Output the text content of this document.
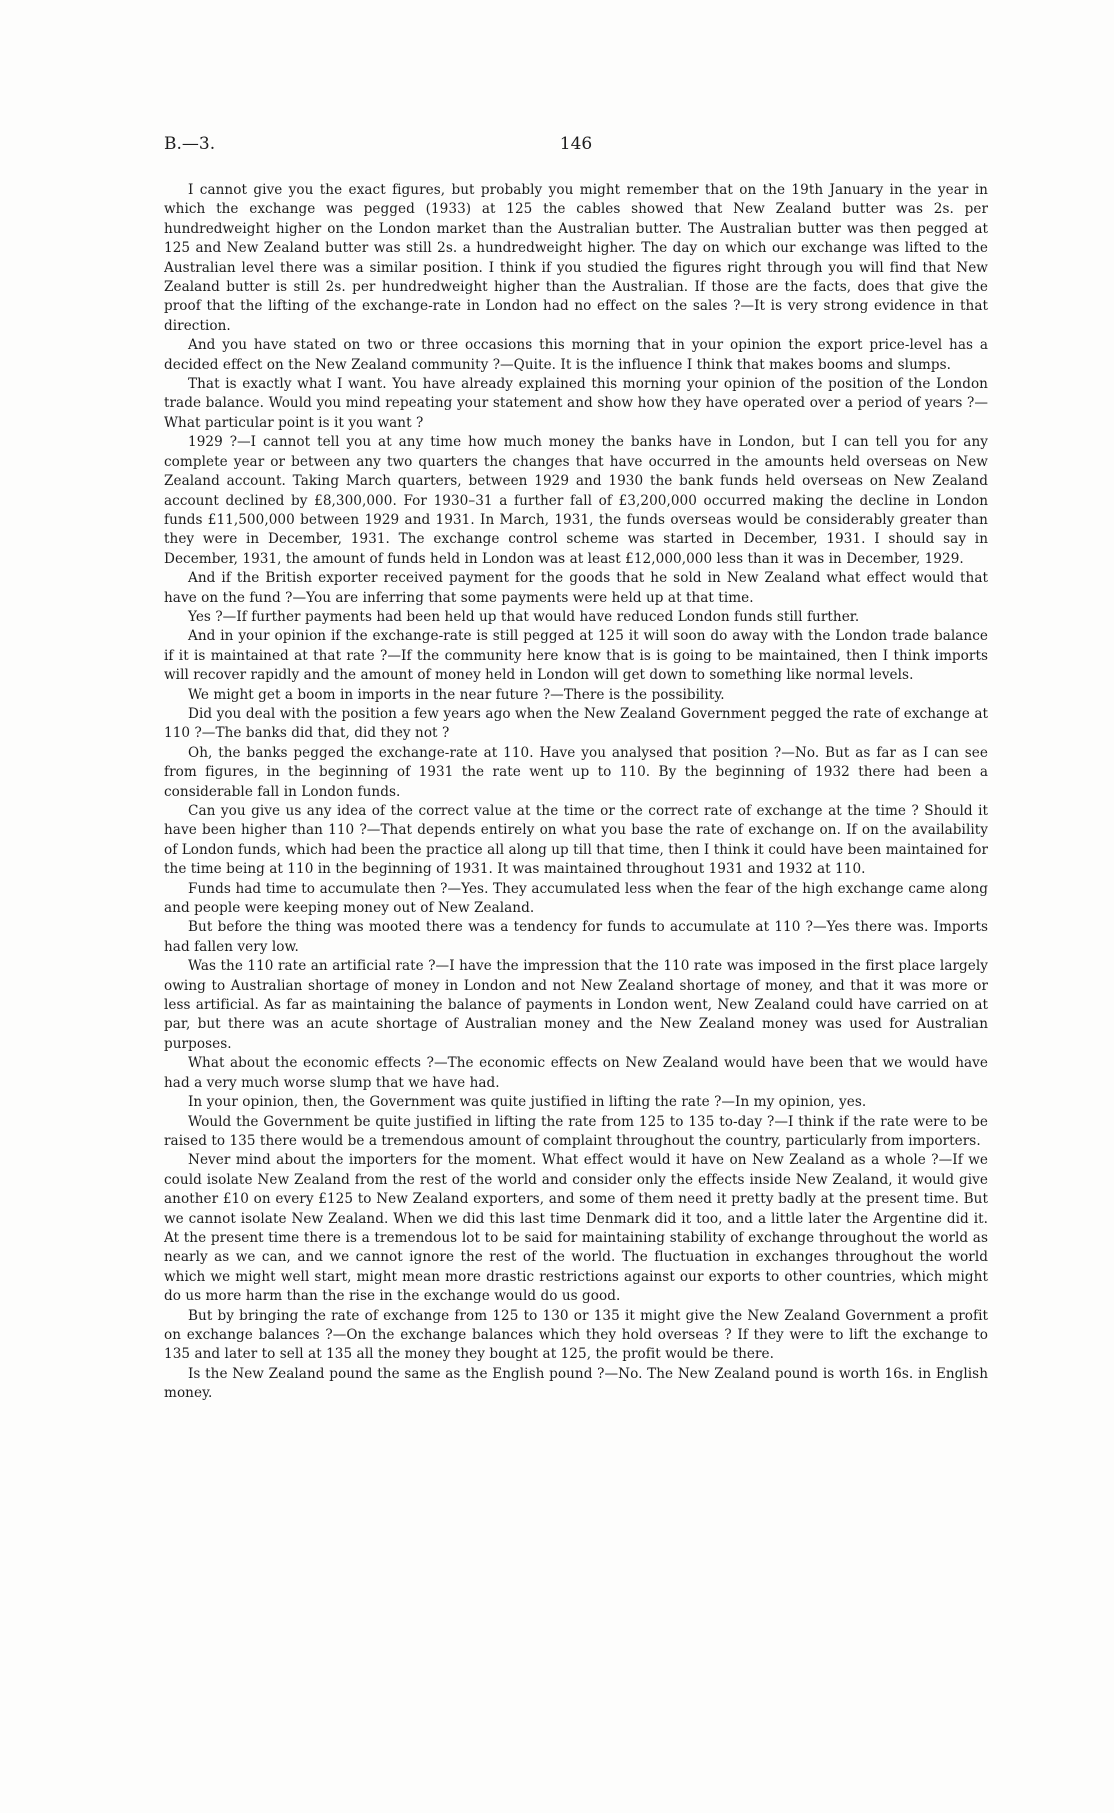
B.—3.	146

I cannot give you the exact figures, but probably you might remember that on the 19th January in the year in which the exchange was pegged (1933) at 125 the cables showed that New Zealand butter was 2s. per hundredweight higher on the London market than the Australian butter. The Australian butter was then pegged at 125 and New Zealand butter was still 2s. a hundredweight higher. The day on which our exchange was lifted to the Australian level there was a similar position. I think if you studied the figures right through you will find that New Zealand butter is still 2s. per hundredweight higher than the Australian. If those are the facts, does that give the proof that the lifting of the exchange-rate in London had no effect on the sales ?—It is very strong evidence in that direction.

And you have stated on two or three occasions this morning that in your opinion the export price-level has a decided effect on the New Zealand community ?—Quite. It is the influence I think that makes booms and slumps.

That is exactly what I want. You have already explained this morning your opinion of the position of the London trade balance. Would you mind repeating your statement and show how they have operated over a period of years ?—What particular point is it you want ?

1929 ?—I cannot tell you at any time how much money the banks have in London, but I can tell you for any complete year or between any two quarters the changes that have occurred in the amounts held overseas on New Zealand account. Taking March quarters, between 1929 and 1930 the bank funds held overseas on New Zealand account declined by £8,300,000. For 1930–31 a further fall of £3,200,000 occurred making the decline in London funds £11,500,000 between 1929 and 1931. In March, 1931, the funds overseas would be considerably greater than they were in December, 1931. The exchange control scheme was started in December, 1931. I should say in December, 1931, the amount of funds held in London was at least £12,000,000 less than it was in December, 1929.

And if the British exporter received payment for the goods that he sold in New Zealand what effect would that have on the fund ?—You are inferring that some payments were held up at that time.

Yes ?—If further payments had been held up that would have reduced London funds still further.

And in your opinion if the exchange-rate is still pegged at 125 it will soon do away with the London trade balance if it is maintained at that rate ?—If the community here know that is is going to be maintained, then I think imports will recover rapidly and the amount of money held in London will get down to something like normal levels.

We might get a boom in imports in the near future ?—There is the possibility.

Did you deal with the position a few years ago when the New Zealand Government pegged the rate of exchange at 110 ?—The banks did that, did they not ?

Oh, the banks pegged the exchange-rate at 110. Have you analysed that position ?—No. But as far as I can see from figures, in the beginning of 1931 the rate went up to 110. By the beginning of 1932 there had been a considerable fall in London funds.

Can you give us any idea of the correct value at the time or the correct rate of exchange at the time ? Should it have been higher than 110 ?—That depends entirely on what you base the rate of exchange on. If on the availability of London funds, which had been the practice all along up till that time, then I think it could have been maintained for the time being at 110 in the beginning of 1931. It was maintained throughout 1931 and 1932 at 110.

Funds had time to accumulate then ?—Yes. They accumulated less when the fear of the high exchange came along and people were keeping money out of New Zealand.

But before the thing was mooted there was a tendency for funds to accumulate at 110 ?—Yes there was. Imports had fallen very low.

Was the 110 rate an artificial rate ?—I have the impression that the 110 rate was imposed in the first place largely owing to Australian shortage of money in London and not New Zealand shortage of money, and that it was more or less artificial. As far as maintaining the balance of payments in London went, New Zealand could have carried on at par, but there was an acute shortage of Australian money and the New Zealand money was used for Australian purposes.

What about the economic effects ?—The economic effects on New Zealand would have been that we would have had a very much worse slump that we have had.

In your opinion, then, the Government was quite justified in lifting the rate ?—In my opinion, yes.

Would the Government be quite justified in lifting the rate from 125 to 135 to-day ?—I think if the rate were to be raised to 135 there would be a tremendous amount of complaint throughout the country, particularly from importers.

Never mind about the importers for the moment. What effect would it have on New Zealand as a whole ?—If we could isolate New Zealand from the rest of the world and consider only the effects inside New Zealand, it would give another £10 on every £125 to New Zealand exporters, and some of them need it pretty badly at the present time. But we cannot isolate New Zealand. When we did this last time Denmark did it too, and a little later the Argentine did it. At the present time there is a tremendous lot to be said for maintaining stability of exchange throughout the world as nearly as we can, and we cannot ignore the rest of the world. The fluctuation in exchanges throughout the world which we might well start, might mean more drastic restrictions against our exports to other countries, which might do us more harm than the rise in the exchange would do us good.

But by bringing the rate of exchange from 125 to 130 or 135 it might give the New Zealand Government a profit on exchange balances ?—On the exchange balances which they hold overseas ? If they were to lift the exchange to 135 and later to sell at 135 all the money they bought at 125, the profit would be there.

Is the New Zealand pound the same as the English pound ?—No. The New Zealand pound is worth 16s. in English money.
